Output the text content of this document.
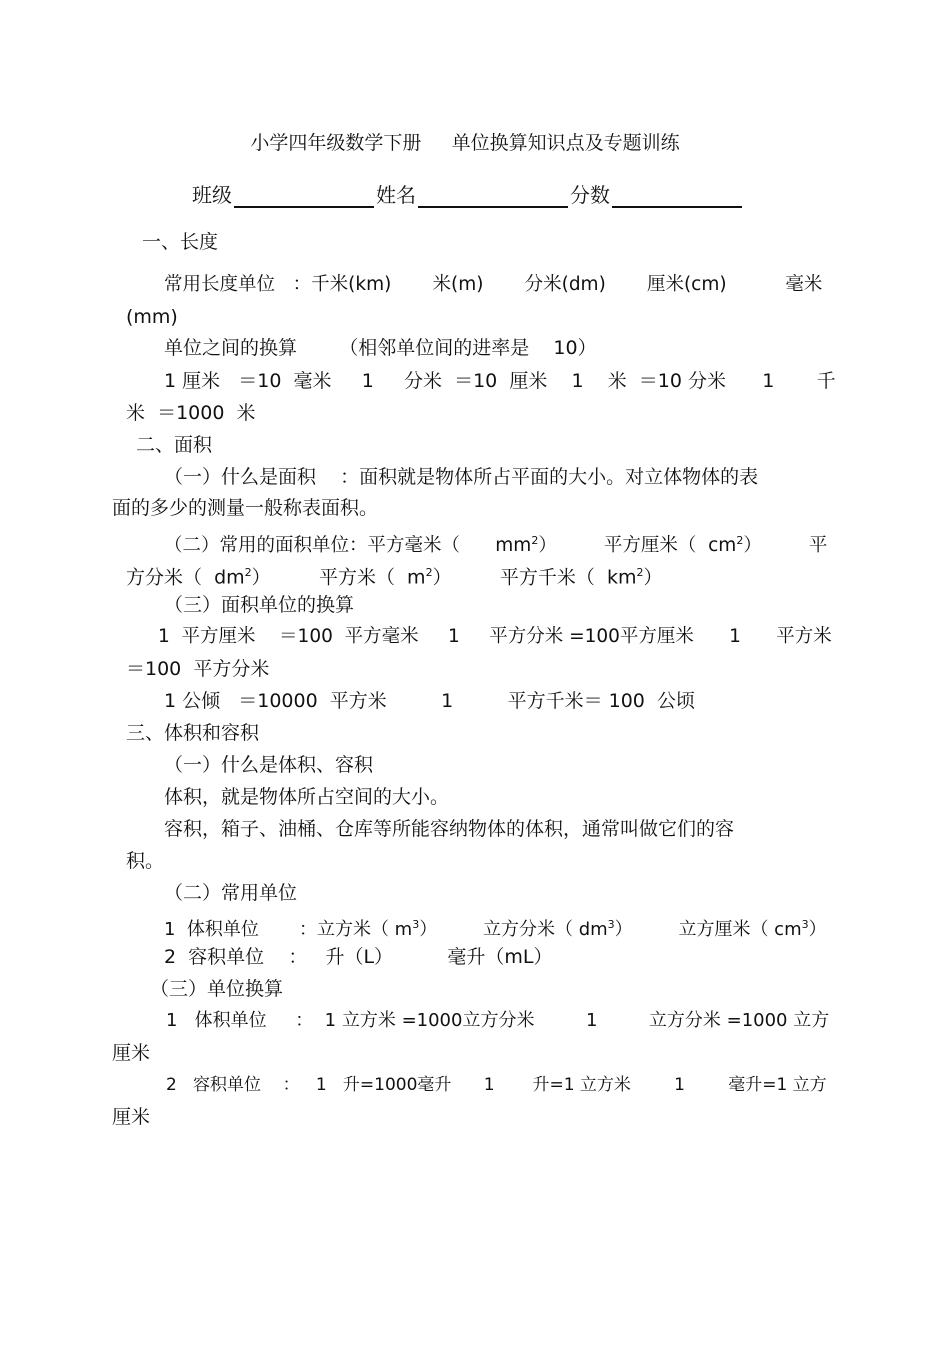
小学四年级数学下册     单位换算知识点及专题训练
班级	姓名	分数
一、长度
常用长度单位   ：千米(km)       米(m)       分米(dm)       厘米(cm)          毫米
(mm)
单位之间的换算       （相邻单位间的进率是    10）
1 厘米   ＝10  毫米     1     分米  ＝10  厘米    1    米  ＝10 分米      1       千
米  ＝1000  米
二、面积
（一）什么是面积    ：面积就是物体所占平面的大小。对立体物体的表
面的多少的测量一般称表面积。
（二）常用的面积单位：平方毫米（      $mm^2$）        平方厘米（  $cm^2$）        平
方分米（  $dm^2$）        平方米（  $m^2$）        平方千米（  $km^2$）
（三）面积单位的换算
1  平方厘米    ＝100  平方毫米     1     平方分米 =100平方厘米      1      平方米
＝100  平方分米
1 公倾   ＝10000  平方米         1         平方千米＝ 100  公顷
三、体积和容积
（一）什么是体积、容积
体积，就是物体所占空间的大小。
容积，箱子、油桶、仓库等所能容纳物体的体积，通常叫做它们的容
积。
（二）常用单位
1  体积单位       ：立方米（ $m^3$）        立方分米（ $dm^3$）        立方厘米（ $cm^3$）
2  容积单位    ：   升（L）         毫升（mL）
（三）单位换算
1   体积单位     ：  1 立方米 =1000立方分米         1         立方分米 =1000 立方
厘米
2   容积单位    ：   1   升=1000毫升      1       升=1 立方米        1        毫升=1 立方
厘米
